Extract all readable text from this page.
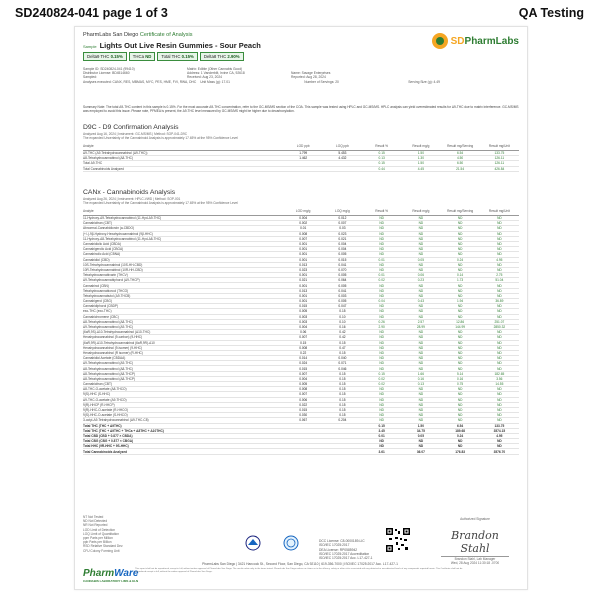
SD240824-041 page 1 of 3	QA Testing
PharmLabs San Diego Certificate of Analysis
Sample Lights Out Live Resin Gummies - Sour Peach
Delta9 THC 0.15%	THCa ND	Total THC 0.15%	Delta8 THC 2.90%
SDPharmLabs
Sample ID: SD240824-041 (99410)	Matrix: Edible (Other Cannabis Good)
Distributor License: BD4514660	Address: 1 Vanderbilt, Irvine CA, 92618	Name: Savage Enterprises
Sampled:	Received: Aug 23, 2024	Reported: Aug 28, 2024
Analyses executed: CANX, RES, MBMAS, MYC, PES, HME, FVI, RWA, DHC Unit Mass (g): 17.01	Number of Servings: 20	Serving Size (g): 4.49
Summary Note: The total Δ9-THC content in this sample is 0.15%. For the most accurate Δ9-THC concentration, refer to the GC-MS/MS section of the COA. This sample was tested using HPLC and GC-MS/MS. HPLC analysis can yield overestimated results for Δ9-THC due to matrix interference. GC-MS/MS was employed to avoid this issue. Please note, PFMEA is present, the Δ9-THC level measured by GC-MS/MS might be higher due to decarboxylation.
D9C - D9 Confirmation Analysis
Analyzed Aug 16, 2024 | Instrument: GC-MS/MS | Method: SOP-041-D9C
The expanded Uncertainty of the Cannabinoid Analysis is approximately 17.65% at the 95% Confidence Level
Analyte	LOD ppb	LOQ ppb	Result %	Result mg/g	Result mg/Serving	Result mg/Unit
Δ9-THC (Δ9-Tetrahydrocannabinol (Δ9-THC))	1.799	5.453	0.15	1.50	6.54	133.75
Δ8-Tetrahydrocannabinol (Δ8-THC)	1.462	4.432	0.13	1.30	4.50	126.11
Total Δ9-THC			0.15	1.50	6.50	126.11
Total Cannabinoids Analyzed			0.44	4.45	21.54	426.84
CANx - Cannabinoids Analysis
Analyzed Aug 26, 2024 | Instrument: HPLC-VWD | Method: SOP-001
The expanded Uncertainty of the Cannabinoid Analysis is approximately 17.65% at the 95% Confidence Level
Analyte	LOD mg/g	LOQ mg/g	Result %	Result mg/g	Result mg/Serving	Result mg/Unit
11-Hydroxy-Δ9-Tetrahydrocannabinol (11-Hyd-Δ9-THC)	0.004	0.012	ND	ND	ND	ND
Cannabicitran (CBT)	0.002	0.007	ND	ND	ND	ND
Abnormal-Cannabidiorcin (a-CBDO)	0.01	0.03	ND	ND	ND	ND
(+/-)-9β-Hydroxy-Hexahydrocannabinol (9β-HHC)	0.008	0.023	ND	ND	ND	ND
11-Hydroxy-Δ8-Tetrahydrocannabinol (11-Hyd-Δ8-THC)	0.007	0.021	ND	ND	ND	ND
Cannabidiolic Acid (CBDA)	0.001	0.004	ND	ND	ND	ND
Cannabigerolic Acid (CBGA)	0.001	0.004	ND	ND	ND	ND
Cannabinolic Acid (CBNA)	0.001	0.005	ND	ND	ND	ND
Cannabidiol (CBD)	0.001	0.015	0.01	0.05	0.24	4.95
10S-Tetrahydrocannabinol (10S-HH-CBD)	0.013	0.041	ND	ND	ND	ND
10R-Tetrahydrocannabinol (10R-HH-CBD)	0.023	0.070	ND	ND	ND	ND
Tetrahydrocannabivarin (THCV)	0.001	0.005	0.01	0.06	0.14	2.75
Δ9-Tetrahydrocannabiphorol (Δ9-THCP)	0.021	0.064	0.02	0.23	1.73	51.04
Cannabinol (CBN)	0.001	0.005	ND	ND	ND	ND
Tetrahydrocannabiorcol (THCO)	0.013	0.041	ND	ND	ND	ND
Tetrahydrocannabutol (Δ9-THCB)	0.001	0.003	ND	ND	ND	ND
Cannabigerol (CBG)	0.001	0.005	0.04	0.43	1.94	36.89
Cannabidiphorol (CBDP)	0.015	0.047	ND	ND	ND	ND
exo-THC (exo-THC)	0.005	0.15	ND	ND	ND	ND
Cannabichromene (CBC)	0.003	0.10	ND	ND	ND	ND
Δ8-Tetrahydrocannabinol (Δ8-THC)	0.003	0.10	0.26	2.57	12.86	251.07
Δ9-Tetrahydrocannabinol (Δ9-THC)	0.004	0.16	2.90	28.99	144.99	2850.32
(6aR,9S)-Δ10-Tetrahydrocannabinol (Δ10-THC)	0.06	0.42	ND	ND	ND	ND
Hexahydrocannabinol (9-carbon) (9-HHC)	0.007	0.42	ND	ND	ND	ND
(6aR,9R)-Δ10-Tetrahydrocannabinol (6aR,9R)-Δ10	0.15	0.15	ND	ND	ND	ND
Hexahydrocannabinol (9-isomer) (9-HHC)	0.008	0.47	ND	ND	ND	ND
Hexahydrocannabinol (R isomer) (R-HHC)	0.22	0.15	ND	ND	ND	ND
Cannabidiol Acetate (CBDAA)	0.014	0.040	ND	ND	ND	ND
Δ9-Tetrahydrocannabinol (Δ9-THC)	0.024	0.071	ND	ND	ND	ND
Δ8-Tetrahydrocannabinol (Δ8-THC)	0.015	0.046	ND	ND	ND	ND
Δ8-Tetrahydrocannabinol (Δ8-THCP)	0.007	0.15	0.15	1.66	5.14	182.65
Δ8-Tetrahydrocannabinol (Δ8-THCP)	0.004	0.15	0.02	0.16	0.16	3.56
Cannabicitran (CBT)	0.005	0.15	0.02	0.13	0.75	14.55
Δ8-THC-O-acetate (Δ8-THCO)	0.008	0.15	ND	ND	ND	ND
9(S)-HHC (S-HHC)	0.007	0.15	ND	ND	ND	ND
Δ9-THC-O-acetate (Δ9-THCO)	0.006	0.15	ND	ND	ND	ND
9(R)-HHCP (R-HHCP)	0.022	0.15	ND	ND	ND	ND
9(R)-HHC-O-acetate (R-HHCO)	0.015	0.15	ND	ND	ND	ND
9(S)-HHC-O-acetate (S-HHCO)	0.030	0.15	ND	ND	ND	ND
3-octyl-Δ9-Tetrahydrocannabinol (Δ9-THC-C8)	0.067	0.204	ND	ND	ND	ND
Total THC (THC + Δ9THC)			0.15	1.50	6.54	133.75
Total THC (THC + Δ9THC + THCa + Δ8THC + Δ10THC)			3.45	34.75	189.68	3574.15
Total CBD (CBD + 0.877 × CBDA)			0.01	0.05	0.24	4.95
Total CBG (CBG + 0.877 × CBGA)			ND	ND	ND	ND
Total HHC (9R-HHC + 9S-HHC)			ND	ND	ND	ND
Total Cannabinoids Analyzed			3.61	36.07	176.83	3576.70
NT Not Tested
ND Not Detected
NR Not Reported
LOD Limit of Detection
LOQ Limit of Quantitation
ppm Parts per Million
ppb Parts per Billion
RSD Relative Standard Dev.
CFU Colony Forming Unit
PharmWare
CANNABIS LABORATORY LIMS & ELN
DCC License: C8-0000189-LIC
ISO/IEC 17025:2017
DEA License: RP0585942
ISO/IEC 17025:2017 Accreditation
ISO/IEC 17025:2017 Acc. L17-427-1
Authorized Signature
Brandon Stahl
Brandon Stahl, Lab Manager
Wed, 28 Aug 2024 11:30:18 -0700
PharmLabs San Diego | 3421 Hancock St., Second Floor, San Diego, CA 92110 | 619-356-7000 | ISO/IEC 17025:2017 Acc. L17-427-1
This report shall not be reproduced, except in full, without written approval of PharmLabs San Diego. The results relate only to the items tested. PharmLabs San Diego makes no claims as to the efficacy, safety or other risks associated with any detected or non-detected levels of any compounds reported herein. This Certificate shall not be reproduced except in full, without the written approval of PharmLabs San Diego.
